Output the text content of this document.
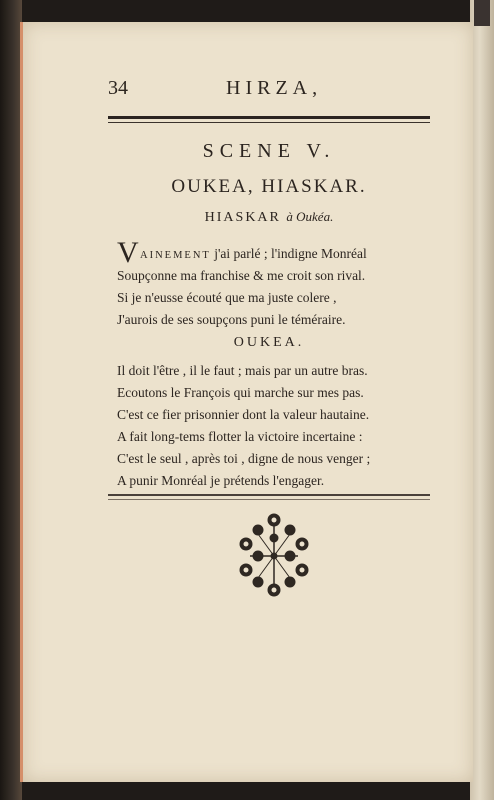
34	HIRZA,
SCENE V.
OUKEA, HIASKAR.
HIASKAR à Oukéa.
V AINEMENT j'ai parlé ; l'indigne Monréal
Soupçonne ma franchise & me croit son rival.
Si je n'eusse écouté que ma juste colere ,
J'aurois de ses soupçons puni le téméraire.
OUKEA.
Il doit l'être , il le faut ; mais par un autre bras.
Ecoutons le François qui marche sur mes pas.
C'est ce fier prisonnier dont la valeur hautaine.
A fait long-tems flotter la victoire incertaine :
C'est le seul , après toi , digne de nous venger ;
A punir Monréal je prétends l'engager.
